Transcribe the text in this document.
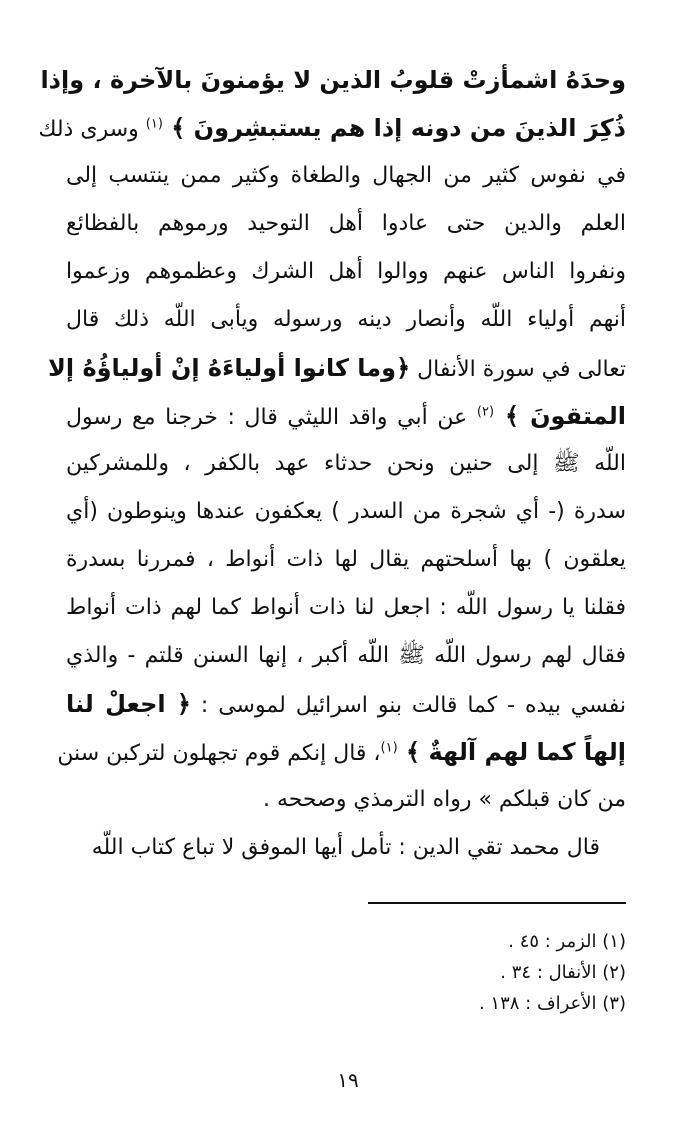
وحدَهُ اشمأزتْ قلوبُ الذين لا يؤمنونَ بالآخرة ، وإذا
ذُكِرَ الذينَ من دونه إذا هم يستبشِرونَ ﴾ $^{(١)}$ وسرى ذلك
في نفوس كثير من الجهال والطغاة وكثير ممن ينتسب إلى
العلم والدين حتى عادوا أهل التوحيد ورموهم بالفظائع
ونفروا الناس عنهم ووالوا أهل الشرك وعظموهم وزعموا
أنهم أولياء اللّه وأنصار دينه ورسوله ويأبى اللّه ذلك قال
تعالى في سورة الأنفال ﴿وما كانوا أولياءَهُ إنْ أولياؤُهُ إلا
المتقونَ ﴾ $^{(٢)}$ عن أبي واقد الليثي قال : خرجنا مع رسول
اللّه ﷺ إلى حنين ونحن حدثاء عهد بالكفر ، وللمشركين
سدرة (- أي شجرة من السدر ) يعكفون عندها وينوطون (أي
يعلقون ) بها أسلحتهم يقال لها ذات أنواط ، فمررنا بسدرة
فقلنا يا رسول اللّه : اجعل لنا ذات أنواط كما لهم ذات أنواط
فقال لهم رسول اللّه ﷺ اللّه أكبر ، إنها السنن قلتم - والذي
نفسي بيده - كما قالت بنو اسرائيل لموسى : ﴿ اجعلْ لنا
إلهاً كما لهم آلهةٌ ﴾ $^{(١)}$، قال إنكم قوم تجهلون لتركبن سنن
من كان قبلكم » رواه الترمذي وصححه .
قال محمد تقي الدين : تأمل أيها الموفق لا تباع كتاب اللّه
(١) الزمر : ٤٥ .
(٢) الأنفال : ٣٤ .
(٣) الأعراف : ١٣٨ .
١٩
